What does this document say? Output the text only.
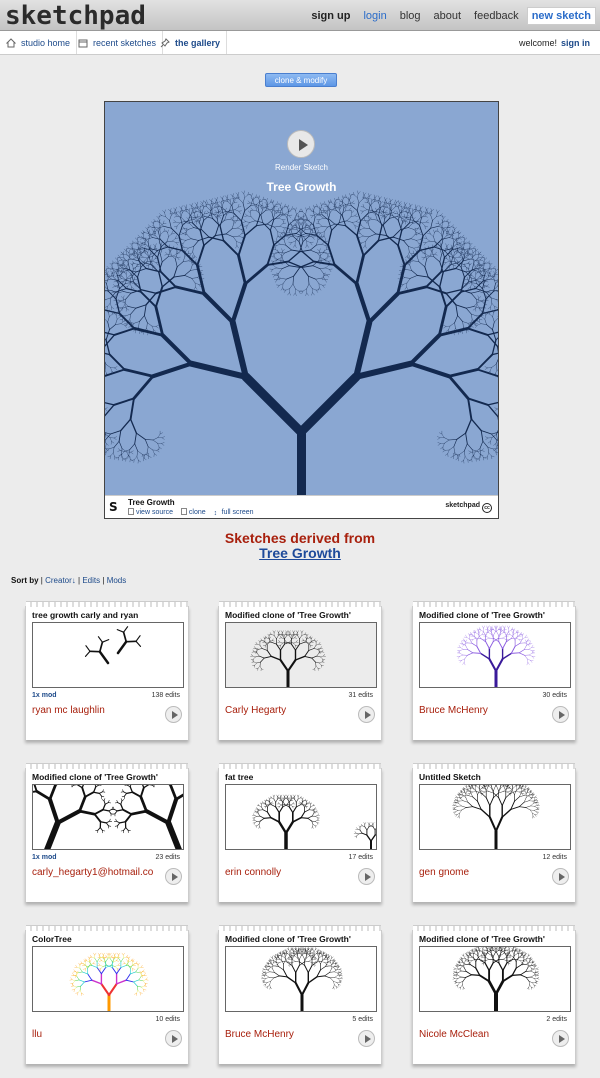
sketchpad	sign up login blog about feedback	new sketch
studio home	recent sketches the gallery	welcome! sign in
clone & modify
Render Sketch
Tree Growth
S	Tree Growth
view source clone ↕ full screen
sketchpad cc
Sketches derived from
Tree Growth
Sort by | Creator↓ | Edits | Mods
tree growth carly and ryan
1x mod	138 edits
ryan mc laughlin
Modified clone of 'Tree Growth'
31 edits
Carly Hegarty
Modified clone of 'Tree Growth'
30 edits
Bruce McHenry
Modified clone of 'Tree Growth'
1x mod	23 edits
carly_hegarty1@hotmail.co
fat tree
17 edits
erin connolly
Untitled Sketch
12 edits
gen gnome
ColorTree
10 edits
llu
Modified clone of 'Tree Growth'
5 edits
Bruce McHenry
Modified clone of 'Tree Growth'
2 edits
Nicole McClean
